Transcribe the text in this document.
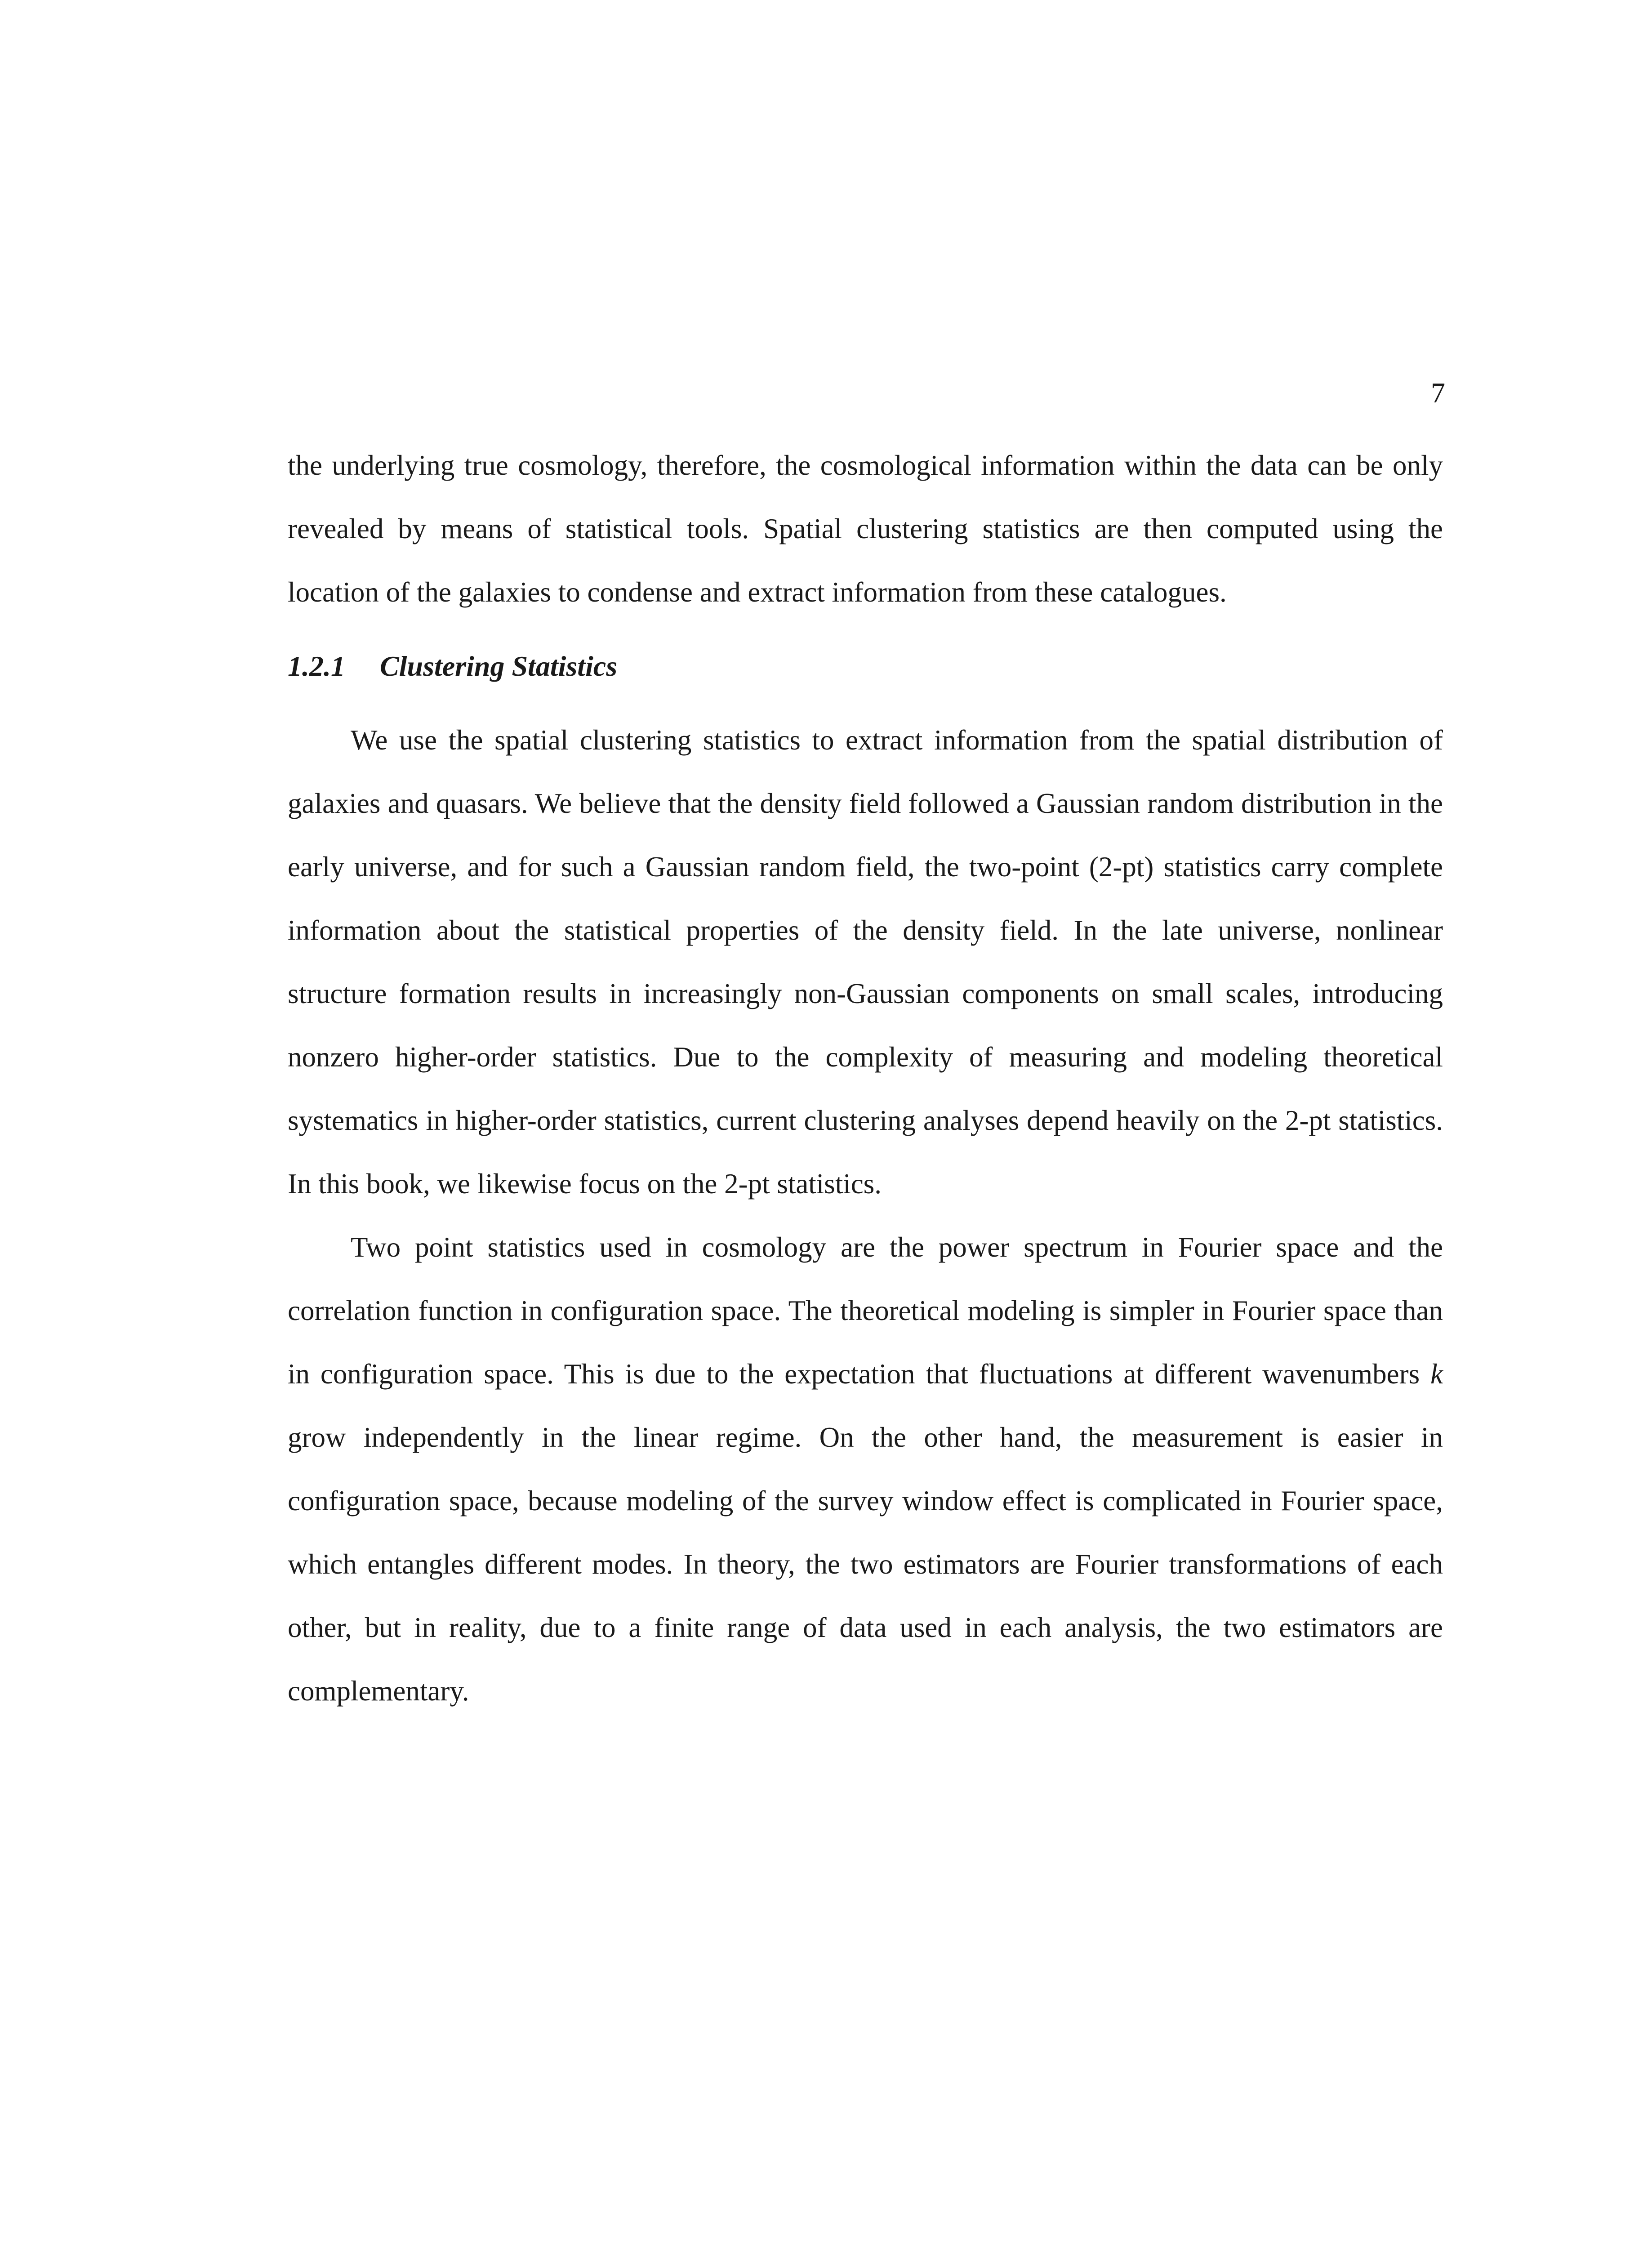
7

the underlying true cosmology, therefore, the cosmological information within the data can be only revealed by means of statistical tools. Spatial clustering statistics are then computed using the location of the galaxies to condense and extract information from these catalogues.

1.2.1	Clustering Statistics

We use the spatial clustering statistics to extract information from the spatial distribution of galaxies and quasars. We believe that the density field followed a Gaussian random distribution in the early universe, and for such a Gaussian random field, the two-point (2-pt) statistics carry complete information about the statistical properties of the density field. In the late universe, nonlinear structure formation results in increasingly non-Gaussian components on small scales, introducing nonzero higher-order statistics. Due to the complexity of measuring and modeling theoretical systematics in higher-order statistics, current clustering analyses depend heavily on the 2-pt statistics. In this book, we likewise focus on the 2-pt statistics.

Two point statistics used in cosmology are the power spectrum in Fourier space and the correlation function in configuration space. The theoretical modeling is simpler in Fourier space than in configuration space. This is due to the expectation that fluctuations at different wavenumbers k grow independently in the linear regime. On the other hand, the measurement is easier in configuration space, because modeling of the survey window effect is complicated in Fourier space, which entangles different modes. In theory, the two estimators are Fourier transformations of each other, but in reality, due to a finite range of data used in each analysis, the two estimators are complementary.
